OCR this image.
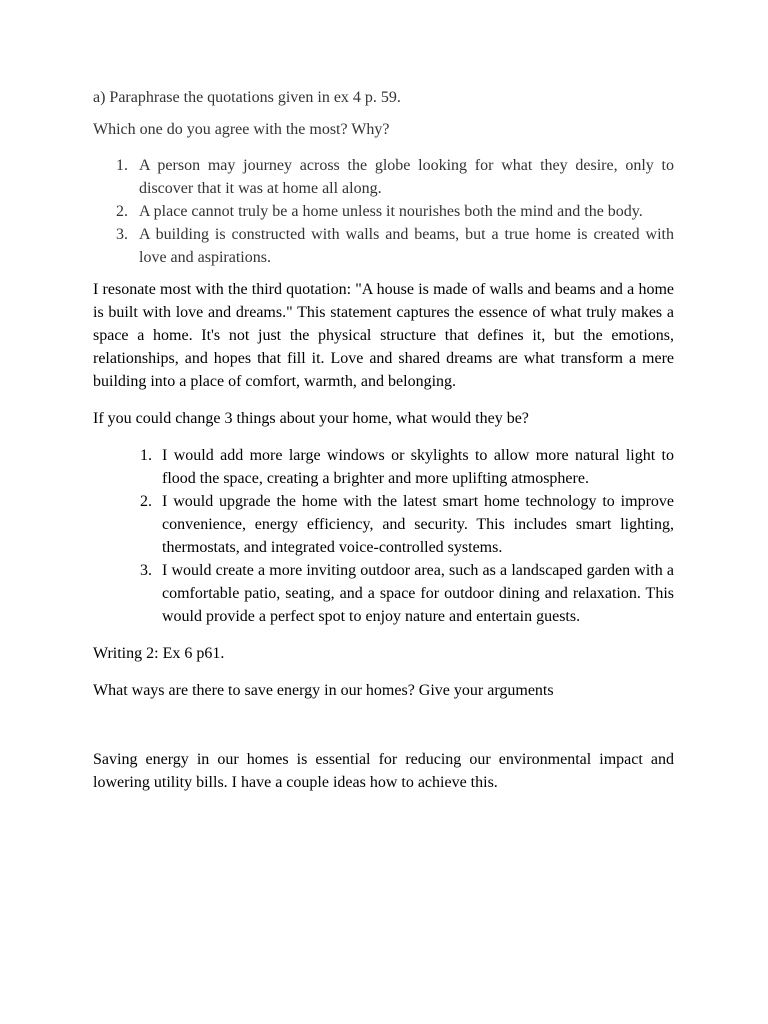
a) Paraphrase the quotations given in ex 4 p. 59.

Which one do you agree with the most? Why?

1. A person may journey across the globe looking for what they desire, only to discover that it was at home all along.
2. A place cannot truly be a home unless it nourishes both the mind and the body.
3. A building is constructed with walls and beams, but a true home is created with love and aspirations.

I resonate most with the third quotation: "A house is made of walls and beams and a home is built with love and dreams." This statement captures the essence of what truly makes a space a home. It's not just the physical structure that defines it, but the emotions, relationships, and hopes that fill it. Love and shared dreams are what transform a mere building into a place of comfort, warmth, and belonging.

If you could change 3 things about your home, what would they be?

1. I would add more large windows or skylights to allow more natural light to flood the space, creating a brighter and more uplifting atmosphere.
2. I would upgrade the home with the latest smart home technology to improve convenience, energy efficiency, and security. This includes smart lighting, thermostats, and integrated voice-controlled systems.
3. I would create a more inviting outdoor area, such as a landscaped garden with a comfortable patio, seating, and a space for outdoor dining and relaxation. This would provide a perfect spot to enjoy nature and entertain guests.

Writing 2: Ex 6 p61.

What ways are there to save energy in our homes? Give your arguments

Saving energy in our homes is essential for reducing our environmental impact and lowering utility bills. I have a couple ideas how to achieve this.
